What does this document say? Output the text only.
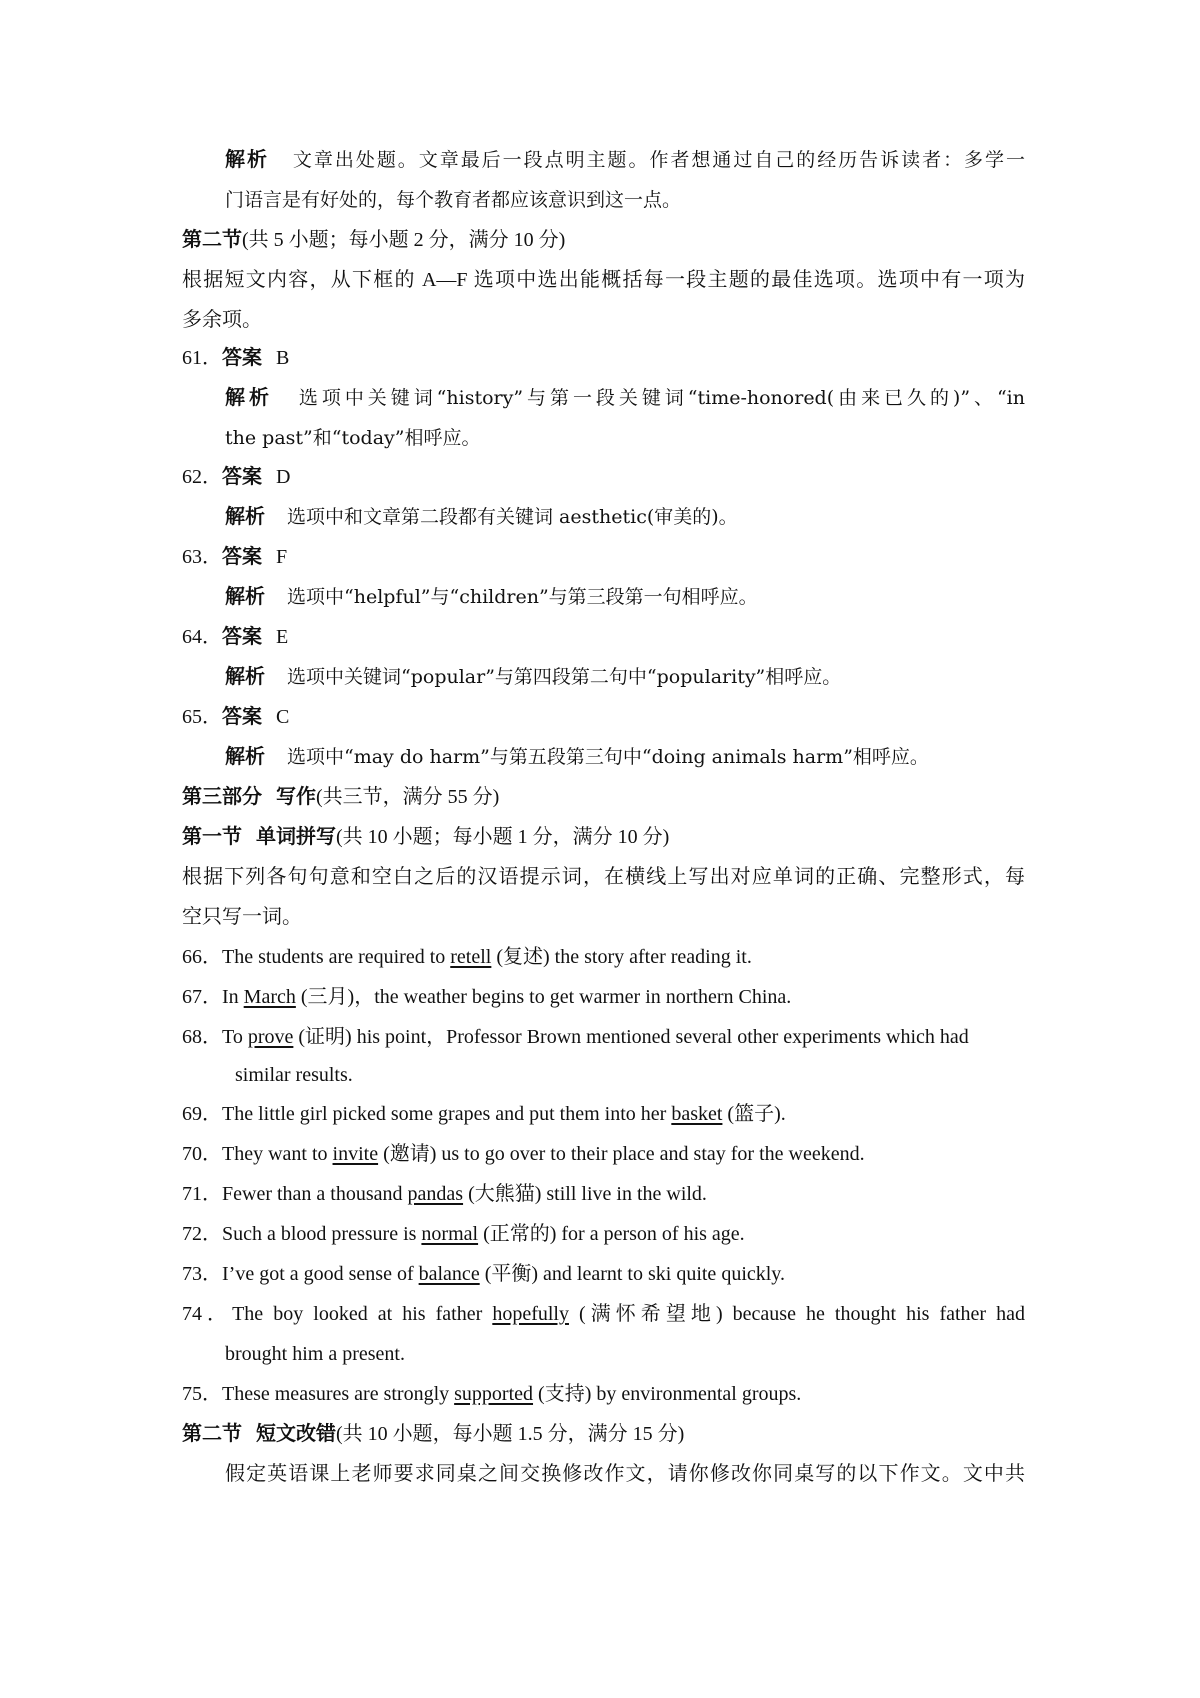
解析 文章出处题。文章最后一段点明主题。作者想通过自己的经历告诉读者：多学一
门语言是有好处的，每个教育者都应该意识到这一点。
第二节(共 5 小题；每小题 2 分，满分 10 分)
根据短文内容，从下框的 A—F 选项中选出能概括每一段主题的最佳选项。选项中有一项为
多余项。
61．答案 B
解析 选项中关键词“history”与第一段关键词“time-honored(由来已久的)”、“in
the past”和“today”相呼应。
62．答案 D
解析 选项中和文章第二段都有关键词 aesthetic(审美的)。
63．答案 F
解析 选项中“helpful”与“children”与第三段第一句相呼应。
64．答案 E
解析 选项中关键词“popular”与第四段第二句中“popularity”相呼应。
65．答案 C
解析 选项中“may do harm”与第五段第三句中“doing animals harm”相呼应。
第三部分 写作(共三节，满分 55 分)
第一节 单词拼写(共 10 小题；每小题 1 分，满分 10 分)
根据下列各句句意和空白之后的汉语提示词，在横线上写出对应单词的正确、完整形式，每
空只写一词。
66．The students are required to retell (复述) the story after reading it.
67．In March (三月)，the weather begins to get warmer in northern China.
68．To prove (证明) his point，Professor Brown mentioned several other experiments which had
similar results.
69．The little girl picked some grapes and put them into her basket (篮子).
70．They want to invite (邀请) us to go over to their place and stay for the weekend.
71．Fewer than a thousand pandas (大熊猫) still live in the wild.
72．Such a blood pressure is normal (正常的) for a person of his age.
73．I’ve got a good sense of balance (平衡) and learnt to ski quite quickly.
74．The boy looked at his father hopefully (满怀希望地) because he thought his father had
brought him a present.
75．These measures are strongly supported (支持) by environmental groups.
第二节 短文改错(共 10 小题，每小题 1.5 分，满分 15 分)
假定英语课上老师要求同桌之间交换修改作文，请你修改你同桌写的以下作文。文中共
